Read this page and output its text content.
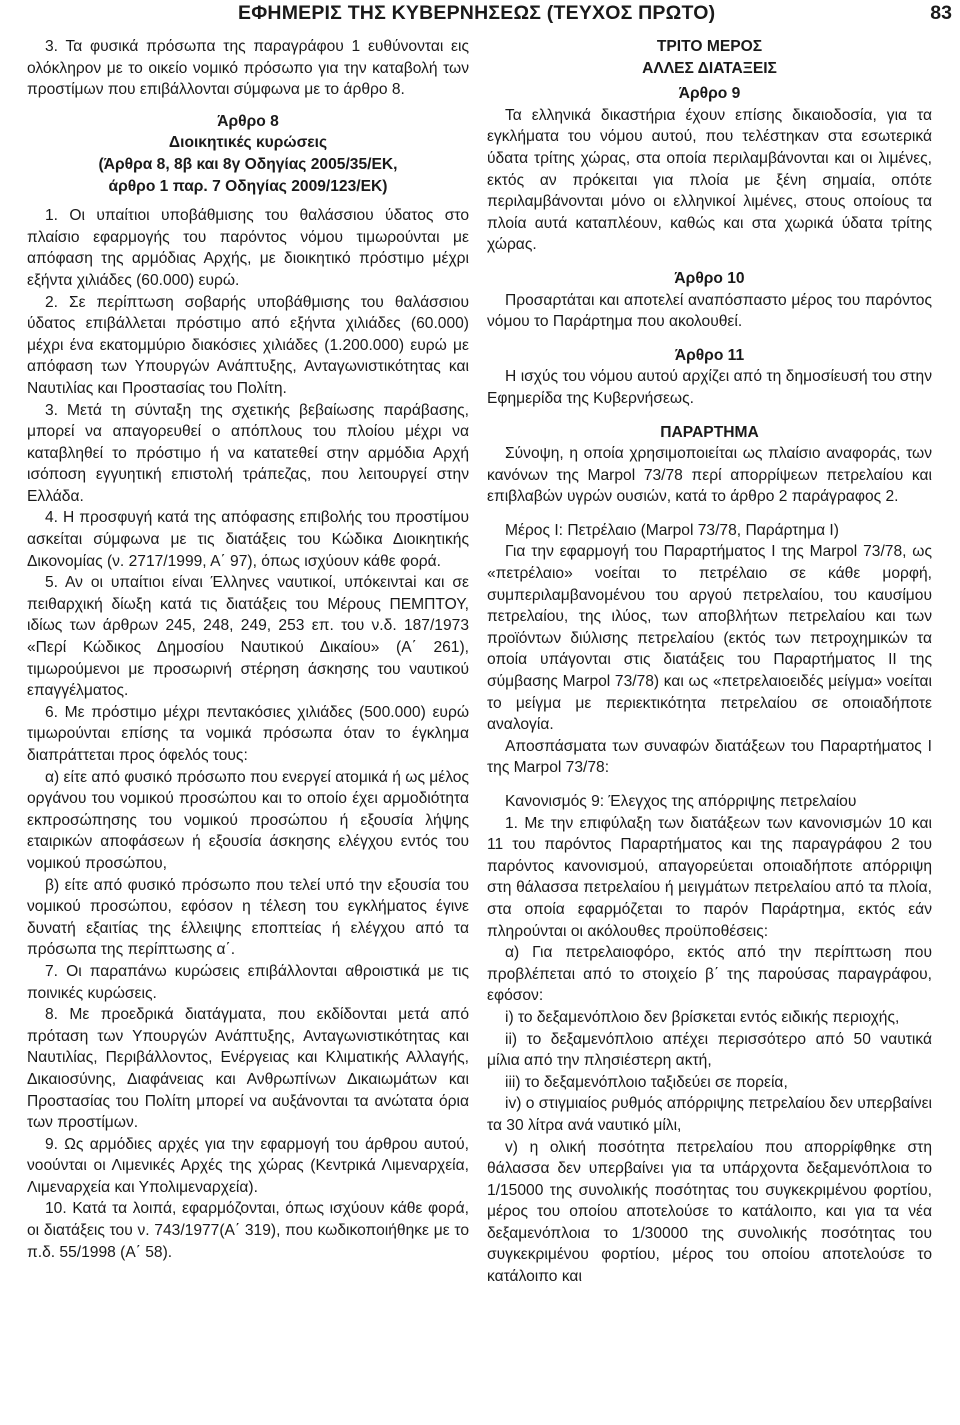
ΕΦΗΜΕΡΙΣ ΤΗΣ ΚΥΒΕΡΝΗΣΕΩΣ (ΤΕΥΧΟΣ ΠΡΩΤΟ)	83

3. Τα φυσικά πρόσωπα της παραγράφου 1 ευθύνονται εις ολόκληρον με το οικείο νομικό πρόσωπο για την καταβολή των προστίμων που επιβάλλονται σύμφωνα με το άρθρο 8.

Άρθρο 8
Διοικητικές κυρώσεις
(Άρθρα 8, 8β και 8γ Οδηγίας 2005/35/ΕΚ,
άρθρο 1 παρ. 7 Οδηγίας 2009/123/ΕΚ)

1. Οι υπαίτιοι υποβάθμισης του θαλάσσιου ύδατος στο πλαίσιο εφαρμογής του παρόντος νόμου τιμωρούνται με απόφαση της αρμόδιας Αρχής, με διοικητικό πρόστιμο μέχρι εξήντα χιλιάδες (60.000) ευρώ.

2. Σε περίπτωση σοβαρής υποβάθμισης του θαλάσσιου ύδατος επιβάλλεται πρόστιμο από εξήντα χιλιάδες (60.000) μέχρι ένα εκατομμύριο διακόσιες χιλιάδες (1.200.000) ευρώ με απόφαση των Υπουργών Ανάπτυξης, Ανταγωνιστικότητας και Ναυτιλίας και Προστασίας του Πολίτη.

3. Μετά τη σύνταξη της σχετικής βεβαίωσης παράβασης, μπορεί να απαγορευθεί ο απόπλους του πλοίου μέχρι να καταβληθεί το πρόστιμο ή να κατατεθεί στην αρμόδια Αρχή ισόποση εγγυητική επιστολή τράπεζας, που λειτουργεί στην Ελλάδα.

4. Η προσφυγή κατά της απόφασης επιβολής του προστίμου ασκείται σύμφωνα με τις διατάξεις του Κώδικα Διοικητικής Δικονομίας (ν. 2717/1999, Α΄ 97), όπως ισχύουν κάθε φορά.

5. Αν οι υπαίτιοι είναι Έλληνες ναυτικοί, υπόκειντai και σε πειθαρχική δίωξη κατά τις διατάξεις του Μέρους ΠΕΜΠΤΟΥ, ιδίως των άρθρων 245, 248, 249, 253 επ. του ν.δ. 187/1973 «Περί Κώδικος Δημοσίου Ναυτικού Δικαίου» (Α΄ 261), τιμωρούμενοι με προσωρινή στέρηση άσκησης του ναυτικού επαγγέλματος.

6. Με πρόστιμο μέχρι πεντακόσιες χιλιάδες (500.000) ευρώ τιμωρούνται επίσης τα νομικά πρόσωπα όταν το έγκλημα διαπράττεται προς όφελός τους:

α) είτε από φυσικό πρόσωπο που ενεργεί ατομικά ή ως μέλος οργάνου του νομικού προσώπου και το οποίο έχει αρμοδιότητα εκπροσώπησης του νομικού προσώπου ή εξουσία λήψης εταιρικών αποφάσεων ή εξουσία άσκησης ελέγχου εντός του νομικού προσώπου,

β) είτε από φυσικό πρόσωπο που τελεί υπό την εξουσία του νομικού προσώπου, εφόσον η τέλεση του εγκλήματος έγινε δυνατή εξαιτίας της έλλειψης εποπτείας ή ελέγχου από τα πρόσωπα της περίπτωσης α΄.

7. Οι παραπάνω κυρώσεις επιβάλλονται αθροιστικά με τις ποινικές κυρώσεις.

8. Με προεδρικά διατάγματα, που εκδίδονται μετά από πρόταση των Υπουργών Ανάπτυξης, Ανταγωνιστικότητας και Ναυτιλίας, Περιβάλλοντος, Ενέργειας και Κλιματικής Αλλαγής, Δικαιοσύνης, Διαφάνειας και Ανθρωπίνων Δικαιωμάτων και Προστασίας του Πολίτη μπορεί να αυξάνονται τα ανώτατα όρια των προστίμων.

9. Ως αρμόδιες αρχές για την εφαρμογή του άρθρου αυτού, νοούνται οι Λιμενικές Αρχές της χώρας (Κεντρικά Λιμεναρχεία, Λιμεναρχεία και Υπολιμεναρχεία).

10. Κατά τα λοιπά, εφαρμόζονται, όπως ισχύουν κάθε φορά, οι διατάξεις του ν. 743/1977(Α΄ 319), που κωδικοποιήθηκε με το π.δ. 55/1998 (Α΄ 58).

ΤΡΙΤΟ ΜΕΡΟΣ

ΑΛΛΕΣ ΔΙΑΤΑΞΕΙΣ

Άρθρο 9

Τα ελληνικά δικαστήρια έχουν επίσης δικαιοδοσία, για τα εγκλήματα του νόμου αυτού, που τελέστηκαν στα εσωτερικά ύδατα τρίτης χώρας, στα οποία περιλαμβάνονται και οι λιμένες, εκτός αν πρόκειται για πλοία με ξένη σημαία, οπότε περιλαμβάνονται μόνο οι ελληνικοί λιμένες, στους οποίους τα πλοία αυτά καταπλέουν, καθώς και στα χωρικά ύδατα τρίτης χώρας.

Άρθρο 10

Προσαρτάται και αποτελεί αναπόσπαστο μέρος του παρόντος νόμου το Παράρτημα που ακολουθεί.

Άρθρο 11

Η ισχύς του νόμου αυτού αρχίζει από τη δημοσίευσή του στην Εφημερίδα της Κυβερνήσεως.

ΠΑΡΑΡΤΗΜΑ

Σύνοψη, η οποία χρησιμοποιείται ως πλαίσιο αναφοράς, των κανόνων της Marpol 73/78 περί απορρίψεων πετρελαίου και επιβλαβών υγρών ουσιών, κατά το άρθρο 2 παράγραφος 2.

Μέρος Ι: Πετρέλαιο (Marpol 73/78, Παράρτημα Ι)

Για την εφαρμογή του Παραρτήματος Ι της Marpol 73/78, ως «πετρέλαιο» νοείται το πετρέλαιο σε κάθε μορφή, συμπεριλαμβανομένου του αργού πετρελαίου, του καυσίμου πετρελαίου, της ιλύος, των αποβλήτων πετρελαίου και των προϊόντων διύλισης πετρελαίου (εκτός των πετροχημικών τα οποία υπάγονται στις διατάξεις του Παραρτήματος ΙΙ της σύμβασης Marpol 73/78) και ως «πετρελαιοειδές μείγμα» νοείται το μείγμα με περιεκτικότητα πετρελαίου σε οποιαδήποτε αναλογία.

Αποσπάσματα των συναφών διατάξεων του Παραρτήματος Ι της Marpol 73/78:

Κανονισμός 9: Έλεγχος της απόρριψης πετρελαίου

1. Με την επιφύλαξη των διατάξεων των κανονισμών 10 και 11 του παρόντος Παραρτήματος και της παραγράφου 2 του παρόντος κανονισμού, απαγορεύεται οποιαδήποτε απόρριψη στη θάλασσα πετρελαίου ή μειγμάτων πετρελαίου από τα πλοία, στα οποία εφαρμόζεται το παρόν Παράρτημα, εκτός εάν πληρούνται οι ακόλουθες προϋποθέσεις:

α) Για πετρελαιοφόρο, εκτός από την περίπτωση που προβλέπεται από το στοιχείο β΄ της παρούσας παραγράφου, εφόσον:

i) το δεξαμενόπλοιο δεν βρίσκεται εντός ειδικής περιοχής,

ii) το δεξαμενόπλοιο απέχει περισσότερο από 50 ναυτικά μίλια από την πλησιέστερη ακτή,

iii) το δεξαμενόπλοιο ταξιδεύει σε πορεία,

iv) ο στιγμιαίος ρυθμός απόρριψης πετρελαίου δεν υπερβαίνει τα 30 λίτρα ανά ναυτικό μίλι,

v) η ολική ποσότητα πετρελαίου που απορρίφθηκε στη θάλασσα δεν υπερβαίνει για τα υπάρχοντα δεξαμενόπλοια το 1/15000 της συνολικής ποσότητας του συγκεκριμένου φορτίου, μέρος του οποίου αποτελούσε το κατάλοιπο, και για τα νέα δεξαμενόπλοια το 1/30000 της συνολικής ποσότητας του συγκεκριμένου φορτίου, μέρος του οποίου αποτελούσε το κατάλοιπο και
